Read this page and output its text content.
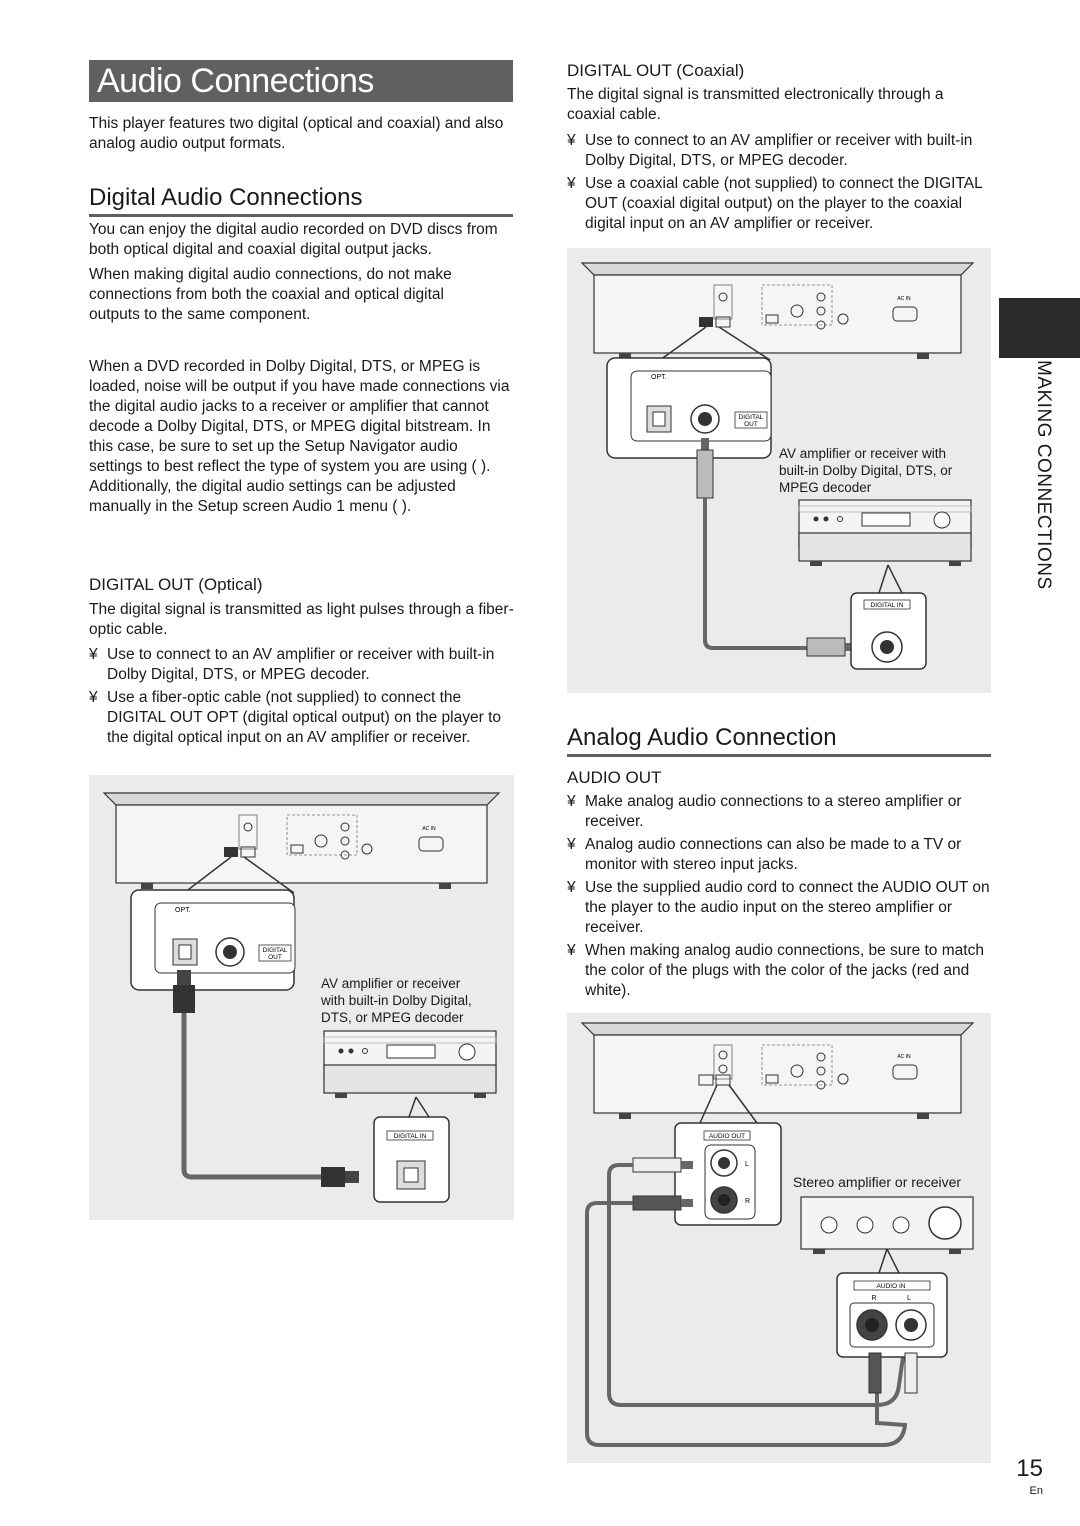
Audio Connections

This player features two digital (optical and coaxial) and also analog audio output formats.

Digital Audio Connections

You can enjoy the digital audio recorded on DVD discs from both optical digital and coaxial digital output jacks.

When making digital audio connections, do not make connections from both the coaxial and optical digital outputs to the same component.

When a DVD recorded in Dolby Digital, DTS, or MPEG is loaded, noise will be output if you have made connections via the digital audio jacks to a receiver or amplifier that cannot decode a Dolby Digital, DTS, or MPEG digital bitstream. In this case, be sure to set up the Setup Navigator audio settings to best reflect the type of system you are using ( ). Additionally, the digital audio settings can be adjusted manually in the Setup screen Audio 1 menu ( ).

DIGITAL OUT (Optical)

The digital signal is transmitted as light pulses through a fiber-optic cable.

¥ Use to connect to an AV amplifier or receiver with built-in Dolby Digital, DTS, or MPEG decoder.
¥ Use a fiber-optic cable (not supplied) to connect the DIGITAL OUT OPT (digital optical output) on the player to the digital optical input on an AV amplifier or receiver.
AC IN
OPT.
DIGITAL
OUT
DIGITAL IN
AV amplifier or receiver
with built-in Dolby Digital,
DTS, or MPEG decoder
DIGITAL OUT (Coaxial)

The digital signal is transmitted electronically through a coaxial cable.

¥ Use to connect to an AV amplifier or receiver with built-in Dolby Digital, DTS, or MPEG decoder.
¥ Use a coaxial cable (not supplied) to connect the DIGITAL OUT (coaxial digital output) on the player to the coaxial digital input on an AV amplifier or receiver.
AC IN
OPT.
DIGITAL
OUT
DIGITAL IN
AV amplifier or receiver with
built-in Dolby Digital, DTS, or
MPEG decoder
Analog Audio Connection
AUDIO OUT
¥ Make analog audio connections to a stereo amplifier or receiver.
¥ Analog audio connections can also be made to a TV or monitor with stereo input jacks.
¥ Use the supplied audio cord to connect the AUDIO OUT on the player to the audio input on the stereo amplifier or receiver.
¥ When making analog audio connections, be sure to match the color of the plugs with the color of the jacks (red and white).
AC IN
AUDIO OUT
L
R
AUDIO IN
R	L
Stereo amplifier or receiver
MAKING CONNECTIONS
15
En
